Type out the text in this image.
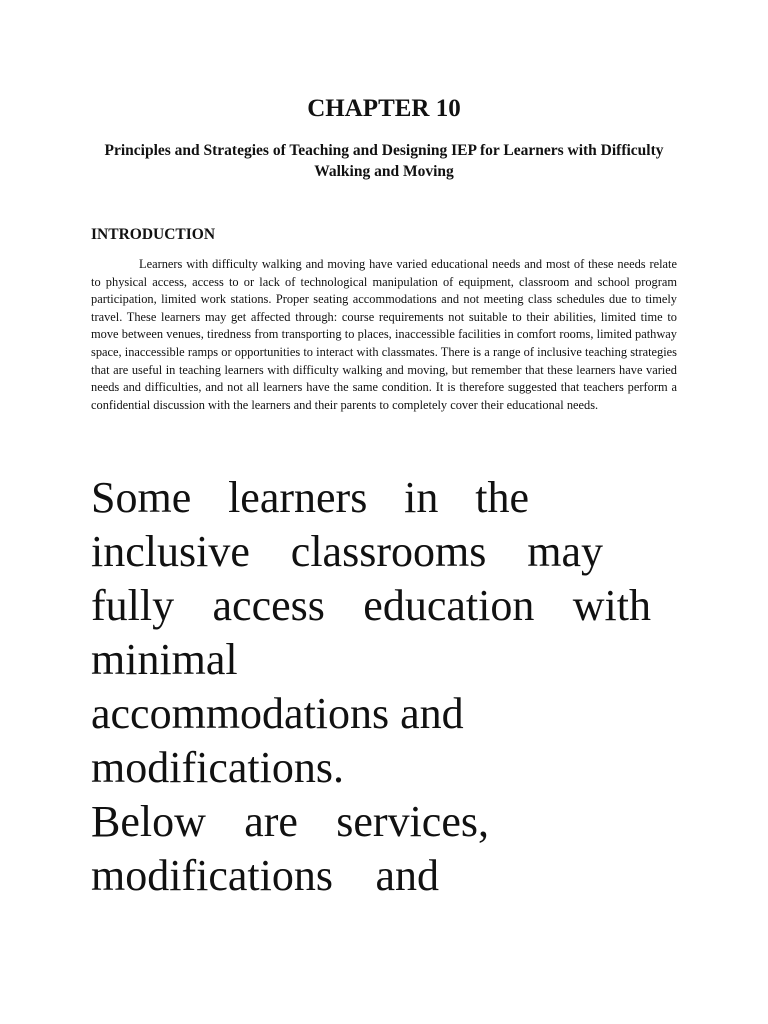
CHAPTER 10
Principles and Strategies of Teaching and Designing IEP for Learners with Difficulty Walking and Moving
INTRODUCTION

Learners with difficulty walking and moving have varied educational needs and most of these needs relate to physical access, access to or lack of technological manipulation of equipment, classroom and school program participation, limited work stations. Proper seating accommodations and not meeting class schedules due to timely travel. These learners may get affected through: course requirements not suitable to their abilities, limited time to move between venues, tiredness from transporting to places, inaccessible facilities in comfort rooms, limited pathway space, inaccessible ramps or opportunities to interact with classmates. There is a range of inclusive teaching strategies that are useful in teaching learners with difficulty walking and moving, but remember that these learners have varied needs and difficulties, and not all learners have the same condition. It is therefore suggested that teachers perform a confidential discussion with the learners and their parents to completely cover their educational needs.

Some learners in the
inclusive classrooms may
fully access education with
minimal
accommodations and
modifications.
Below are services,
modifications and
